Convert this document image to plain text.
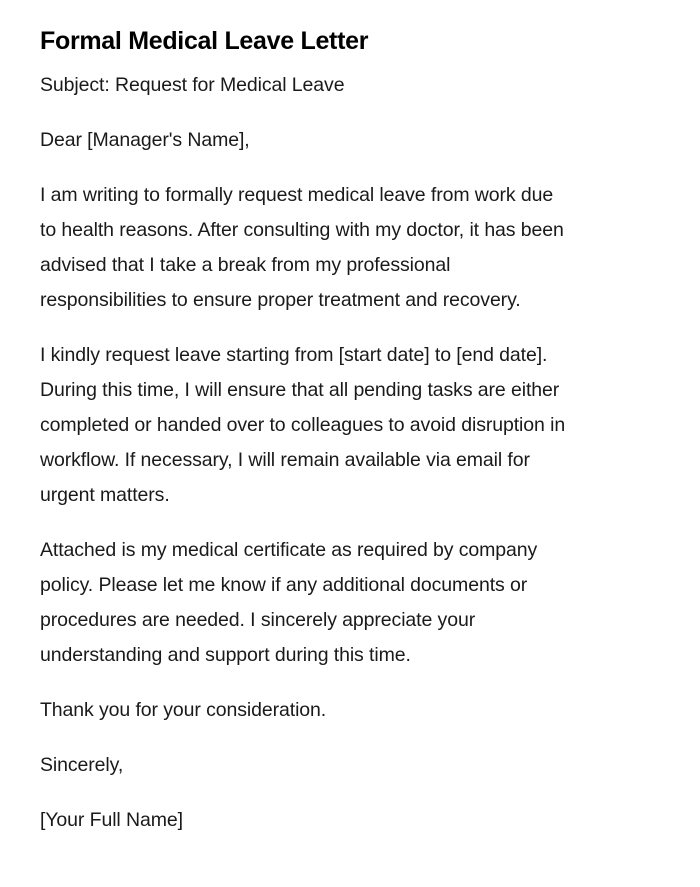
Formal Medical Leave Letter

Subject: Request for Medical Leave

Dear [Manager's Name],

I am writing to formally request medical leave from work due
to health reasons. After consulting with my doctor, it has been
advised that I take a break from my professional
responsibilities to ensure proper treatment and recovery.

I kindly request leave starting from [start date] to [end date].
During this time, I will ensure that all pending tasks are either
completed or handed over to colleagues to avoid disruption in
workflow. If necessary, I will remain available via email for
urgent matters.

Attached is my medical certificate as required by company
policy. Please let me know if any additional documents or
procedures are needed. I sincerely appreciate your
understanding and support during this time.

Thank you for your consideration.

Sincerely,

[Your Full Name]
